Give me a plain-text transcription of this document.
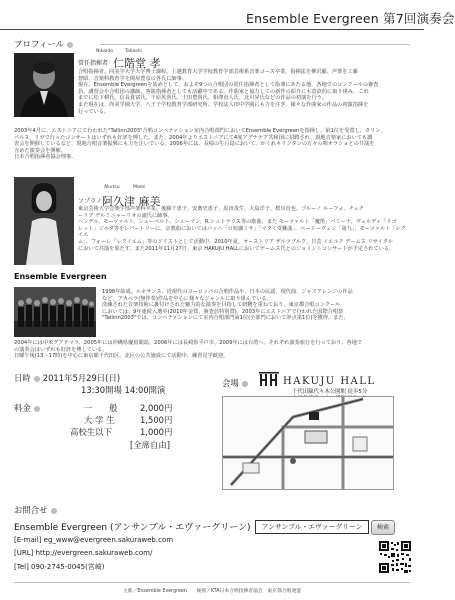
Ensemble Evergreen 第7回演奏会
プロフィール
Nikaido	Takashi
常任指揮者 仁階堂 孝
合唱指揮者。同美学大学大学博士課程。上越教育大学学校教育学部芸術系音楽コース卒業。指揮法を柳沢顯、声楽を工藤
智昭、音楽科教育学を関屋豊彦の各氏に師事。
現在、Ensemble Evergreenを始めとして、およそ9つの合唱団の常任指揮者として指導にあたる他、各地でのコンクールの審査
員、講習会や合唱団の講師、客演指揮者としても活躍中である。作曲家と協力しての新作の紹介にも意欲的に取り組み、これ
までに松下耕氏、信長貴富氏、千原英喜氏、土田豊貴氏、相澤直人氏、北川昇氏などの作品の初演を行う。
また現在は、尚美学園大学、八王子学校教育学部研究所、学校法人田中学園にも力を注ぎ、様々な作曲家の作品の初演指揮を
行っている。
2003年4月に、エストニアにて行われた"Tallinn2003"合唱コンペティション室内合唱部門においてEnsemble Evergreenを指揮し、第1位を受賞し、タリン、
パルヌ、リガで行ったコンサートはいずれも好評を博した。また、2004年よりエストニアにて4度アグナテア共和国に招聘され、現地音楽家においても講
習会を開催しているなど、現地合唱音楽振興にも力を注いでいる。2006年には、長崎の生月島において、かくれキリシタンの方々の唄オラショとの共演を
含めた演奏会を開催。
日本合唱指揮者協会理事。
Akutsu	Mami
ソプラノ 阿久津 麻美
東京芸術大学音楽学部声楽科卒業。後藤千恵子、安齋史恵子、原田茂生、大島洋子、桜川直也、ブルーノ ルーフォ、チェチ
ーリア デルミニャーリオの諸氏に師事。
ヘンデル、モーツァルト、シューベルト、シューマン、R.シュトラウス等の歌曲、また モーツァルト「魔笛」パミーナ、ヴェルディ「リゴ
レット」ジルダ等をレパートリーに、宗教曲においてはバッハ「ロ短調ミサ」「マタイ受難曲」、ペートーヴェン「第九」、モーツァルト「レクイエ
ム」、フォーレ「レクイエム」等のソリストとして活動中。2010年夏、オーストリア ザルツブルク、日芸 イエルク デームス リサイタル
において共演を果たす。また2011年11月27日、東京 HAKUJU HALLにおいてデームス氏とのジョイントコンサートが予定されている。
Ensemble Evergreen
1998年結成。ルネサンス、近現代のヨーロッパの合唱作品や、日本の民謡、現代曲、ジャズアレンジの作品
など、アカペラ(無伴奏)作品を中心に様々なジャンルに取り組んでいる。
洗練された音楽技術に裏付けされた魅力的な演奏を目指して研鑽を重ねており、東京都合唱コンクール
においては、9年連続入選中(2010年金賞、審査員特別賞)。2003年にエストニアで行われた国際合唱祭
"Tallinn2003"では、コンペティションにて室内合唱部門第1位(全部門において評点第1位)を獲得。また、
2004年には中米グアテマラ、2005年には沖縄県慶留間島、2006年には長崎県平戸市、2009年には台湾へ、それぞれ演奏旅行を行っており、各地で
の演奏会はいずれも好評を博している。
日曜午後(13～17時)を中心に東京都千代田区、北区の公共施設にて活動中。練習見学歓迎。
日時 2011年5月29日(日)
13:30開場 14:00開演
料金	一　　般	2,000円
大 学 生	1,500円
高校生以下	1,000円
[全席自由]
会場	HAKUJU HALL
千代田線代々木公園駅 徒歩5分
お問合せ
Ensemble Evergreen (アンサンブル・エヴァーグリーン)
[E-mail] eg_www@evergreen.sakuraweb.com
[URL] http://evergreen.sakuraweb.com/
[Tel] 090-2745-0045(宮崎)
アンサンブル・エヴァーグリーン	検索
主催／Ensemble Evergreen　　後援／KTA日本合唱指揮者協会　東京都合唱連盟
